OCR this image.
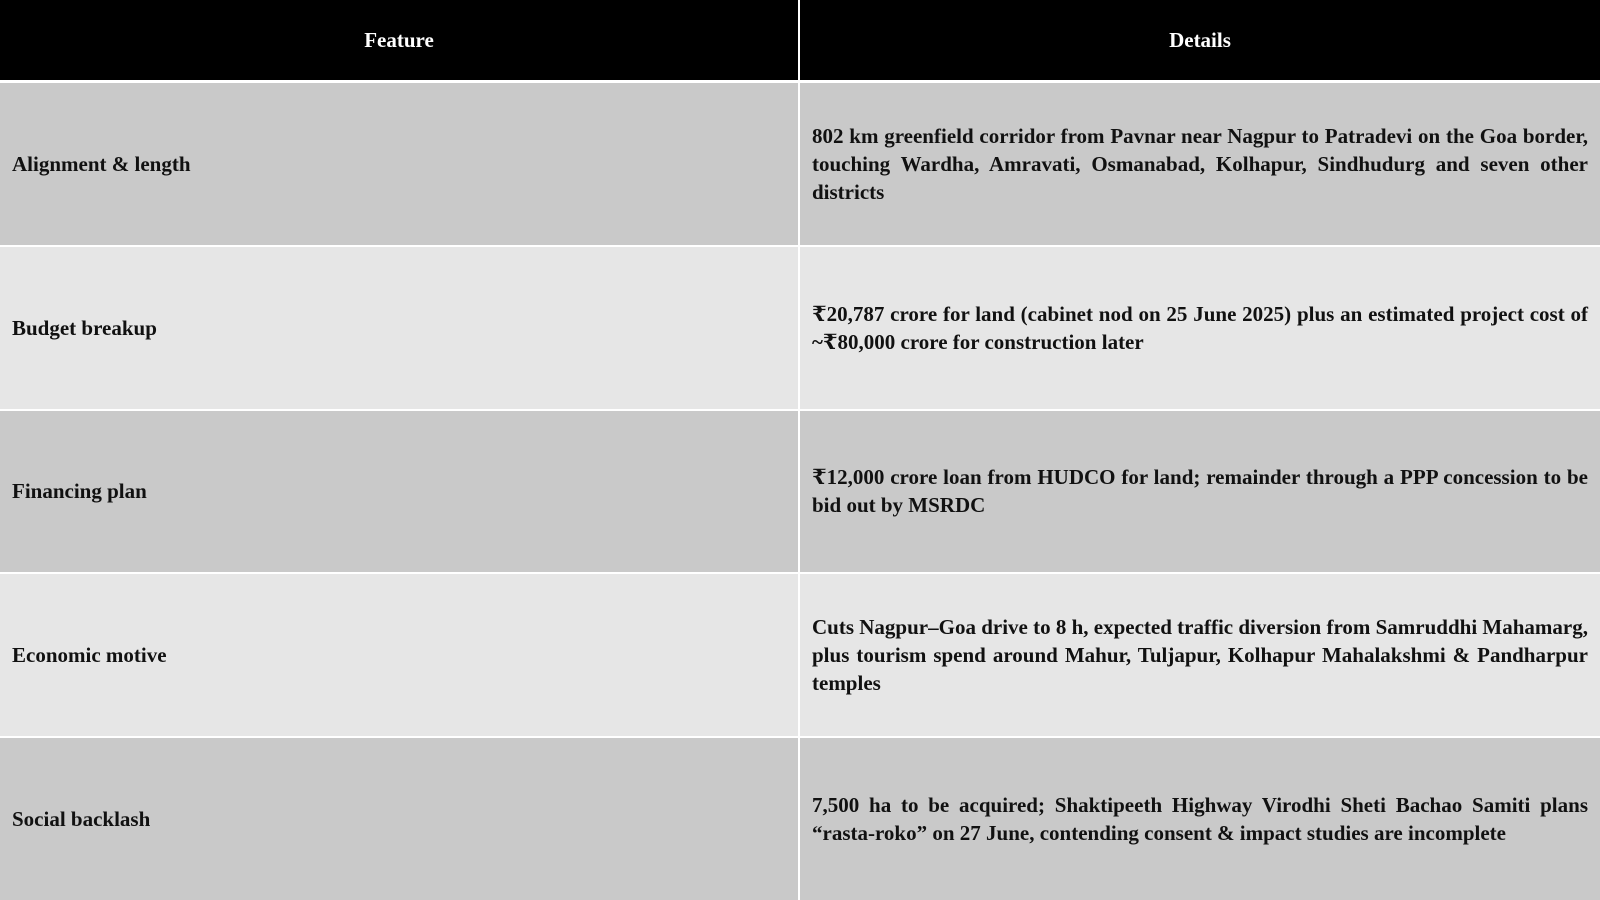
Feature	Details
Alignment & length	802 km greenfield corridor from Pavnar near Nagpur to Patradevi on the Goa border, touching Wardha, Amravati, Osmanabad, Kolhapur, Sindhudurg and seven other districts
Budget breakup	₹20,787 crore for land (cabinet nod on 25 June 2025) plus an estimated project cost of ~₹80,000 crore for construction later
Financing plan	₹12,000 crore loan from HUDCO for land; remainder through a PPP concession to be bid out by MSRDC
Economic motive	Cuts Nagpur–Goa drive to 8 h, expected traffic diversion from Samruddhi Mahamarg, plus tourism spend around Mahur, Tuljapur, Kolhapur Mahalakshmi & Pandharpur temples
Social backlash	7,500 ha to be acquired; Shaktipeeth Highway Virodhi Sheti Bachao Samiti plans “rasta-roko” on 27 June, contending consent & impact studies are incomplete
